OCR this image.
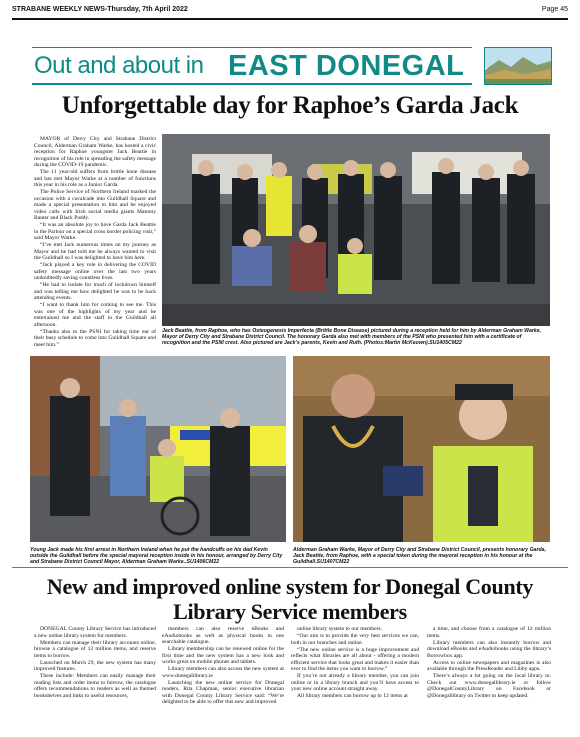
STRABANE WEEKLY NEWS-Thursday, 7th April 2022	Page 45
Out and about in EAST DONEGAL
Unforgettable day for Raphoe’s Garda Jack

MAYOR of Derry City and Strabane District Council, Alderman Graham Warke, has hosted a civic reception for Raphoe youngster Jack Beattie in recognition of his role in spreading the safety message during the COVID-19 pandemic.

The 11 year-old suffers from brittle bone disease and has met Mayor Warke at a number of functions this year in his role as a Junior Garda.

The Police Service of Northern Ireland marked the occasion with a cavalcade into Guildhall Square and made a special presentation to him and he enjoyed video calls with Irish social media giants Mammy Banter and Black Paddy.

“It was an absolute joy to have Garda Jack Beattie in the Parlour on a special cross border policing visit,” said Mayor Warke.

“I’ve met Jack numerous times on my journey as Mayor and he had told me he always wanted to visit the Guildhall so I was delighted to have him here.

“Jack played a key role in delivering the COVID safety message online over the last two years undoubtedly saving countless lives.

“He had to isolate for much of lockdown himself and was telling me how delighted he was to be back attending events.

“I want to thank him for coming to see me. This was one of the highlights of my year and he entertained me and the staff in the Guildhall all afternoon.

“Thanks also to the PSNI for taking time out of their busy schedule to come into Guildhall Square and meet him.”

Jack Beattie, from Raphoe, who has Osteogenesis Imperfecta (Brittle Bone Disease) pictured during a reception held for him by Alderman Graham Warke, Mayor of Derry City and Strabane District Council. The honorary Garda also met with members of the PSNI who presented him with a certificate of recognition and the PSNI crest. Also pictured are Jack’s parents, Kevin and Ruth. (Photos:Martin McKeown).SU1405CM22
Young Jack made his first arrest in Northern Ireland when he put the handcuffs on his dad Kevin outside the Guildhall before the special mayoral reception inside in his honour, arranged by Derry City and Strabane District Council Mayor, Alderman Graham Warke..SU1406CM22
Alderman Graham Warke, Mayor of Derry City and Strabane District Council, presents honorary Garda, Jack Beattie, from Raphoe, with a special token during the mayoral reception in his honour at the Guildhall.SU1407CM22
New and improved online system for Donegal County Library Service members

DONEGAL County Library Service has introduced a new online library system for members.

Members can manage their library accounts online, browse a catalogue of 12 million items, and reserve items to borrow.

Launched on March 29, the new system has many improved features.

These include: Members can easily manage their reading lists and order items to borrow, the catalogue offers recommendations to readers as well as themed bookshelves and links to useful resources,

members can also reserve eBooks and eAudiobooks as well as physical books in one searchable catalogue.

Library membership can be renewed online for the first time and the new system has a new look and works great on mobile phones and tablets.

Library members can also access the new system at www.donegallibrary.ie

Launching the new online service for Donegal readers, Rita Chapman, senior executive librarian with Donegal County Library Service said: “We’re delighted to be able to offer this new and improved

online library system to our members.

“Our aim is to provide the very best services we can, both in our branches and online.

“The new online service is a huge improvement and reflects what libraries are all about - offering a modern efficient service that looks great and makes it easier than ever to find the items you want to borrow.”

If you’re not already a library member, you can join online or in a library branch and you’ll have access to your new online account straight away.

All library members can borrow up to 12 items at

a time, and choose from a catalogue of 12 million items.

Library members can also instantly borrow and download eBooks and eAudiobooks using the library’s Borrowbox app.

Access to online newspapers and magazines is also available through the PressReader and Libby apps.

There’s always a lot going on the local library to. Check out www.donegallibrary.ie or follow @DonegalCountyLibrary on Facebook or @Donegallibrary on Twitter to keep updated.
